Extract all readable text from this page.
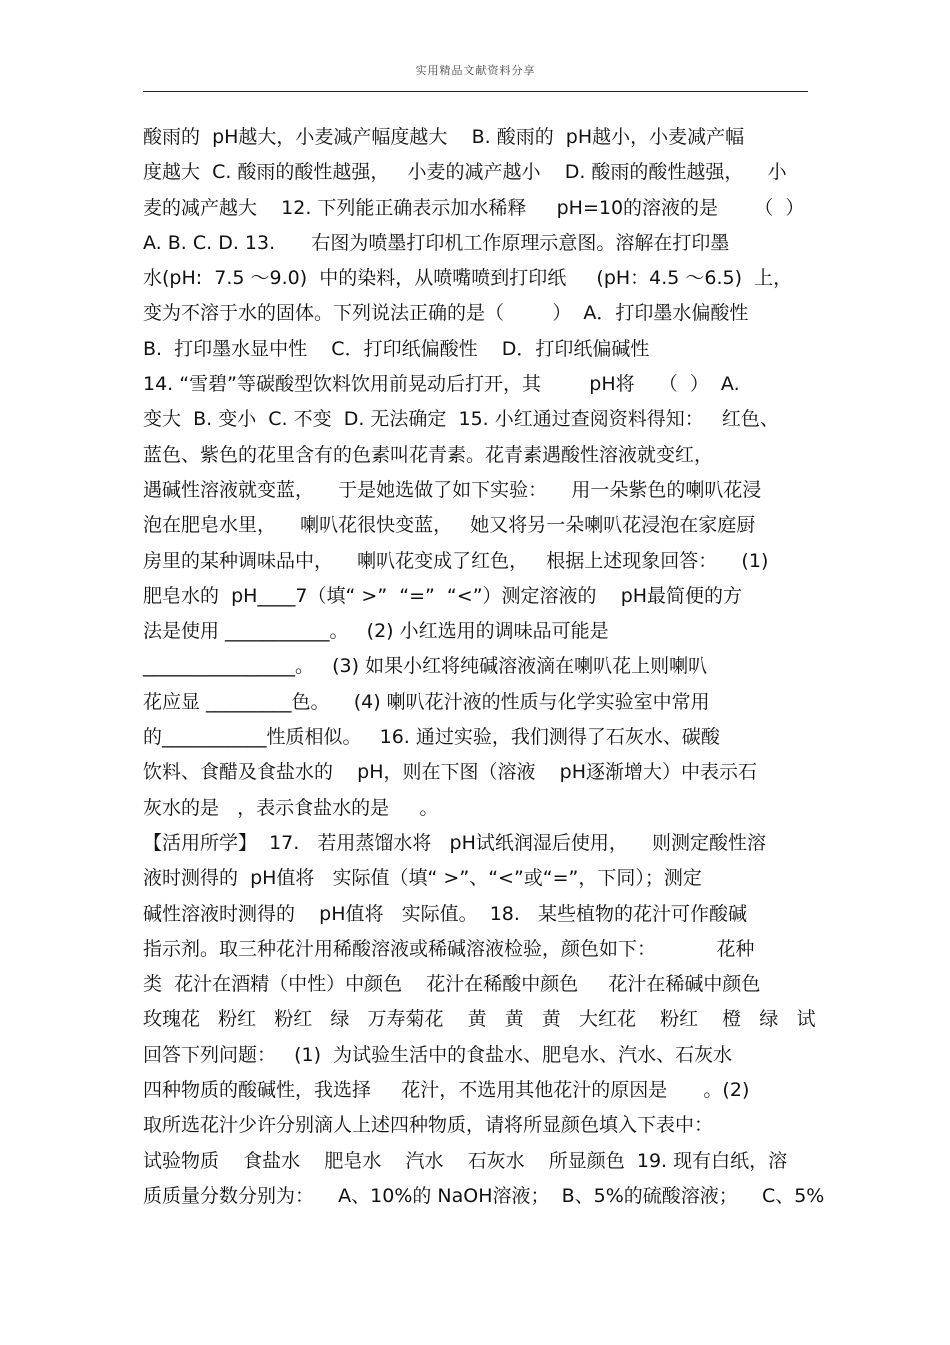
实用精品文献资料分享
酸雨的  pH越大，小麦减产幅度越大    B. 酸雨的  pH越小，小麦减产幅
度越大  C. 酸雨的酸性越强，   小麦的减产越小    D. 酸雨的酸性越强，    小
麦的减产越大    12. 下列能正确表示加水稀释     pH=10的溶液的是      （  ）
A. B. C. D. 13.      右图为喷墨打印机工作原理示意图。溶解在打印墨
水(pH:  7.5 ～9.0)  中的染料，从喷嘴喷到打印纸     (pH：4.5 ～6.5)  上，
变为不溶于水的固体。下列说法正确的是（        ）  A．打印墨水偏酸性
B.  打印墨水显中性    C．打印纸偏酸性    D．打印纸偏碱性
14. “雪碧”等碳酸型饮料饮用前晃动后打开，其        pH将    （  ）  A.
变大  B. 变小  C. 不变  D. 无法确定  15. 小红通过查阅资料得知：   红色、
蓝色、紫色的花里含有的色素叫花青素。花青素遇酸性溶液就变红，
遇碱性溶液就变蓝，    于是她选做了如下实验：    用一朵紫色的喇叭花浸
泡在肥皂水里，    喇叭花很快变蓝，   她又将另一朵喇叭花浸泡在家庭厨
房里的某种调味品中，    喇叭花变成了红色，   根据上述现象回答：    (1)
肥皂水的  pH____7（填“ >”  “=”  “<”）测定溶液的    pH最简便的方
法是使用 ___________。   (2) 小红选用的调味品可能是
________________。   (3) 如果小红将纯碱溶液滴在喇叭花上则喇叭
花应显 _________色。    (4) 喇叭花汁液的性质与化学实验室中常用
的___________性质相似。   16. 通过实验，我们测得了石灰水、碳酸
饮料、食醋及食盐水的    pH，则在下图（溶液    pH逐渐增大）中表示石
灰水的是   ，表示食盐水的是     。
【活用所学】  17.   若用蒸馏水将   pH试纸润湿后使用，    则测定酸性溶
液时测得的  pH值将   实际值（填“ >”、“<”或“=”，下同）；测定
碱性溶液时测得的    pH值将   实际值。  18.   某些植物的花汁可作酸碱
指示剂。取三种花汁用稀酸溶液或稀碱溶液检验，颜色如下：          花种
类  花汁在酒精（中性）中颜色    花汁在稀酸中颜色     花汁在稀碱中颜色
玫瑰花   粉红   粉红   绿   万寿菊花    黄   黄   黄   大红花    粉红    橙   绿   试
回答下列问题：   (1)  为试验生活中的食盐水、肥皂水、汽水、石灰水
四种物质的酸碱性，我选择     花汁，不选用其他花汁的原因是      。(2)
取所选花汁少许分别滴人上述四种物质，请将所显颜色填入下表中：
试验物质    食盐水    肥皂水    汽水    石灰水    所显颜色  19. 现有白纸，溶
质质量分数分别为：    A、10%的 NaOH溶液；  B、5%的硫酸溶液；    C、5%
